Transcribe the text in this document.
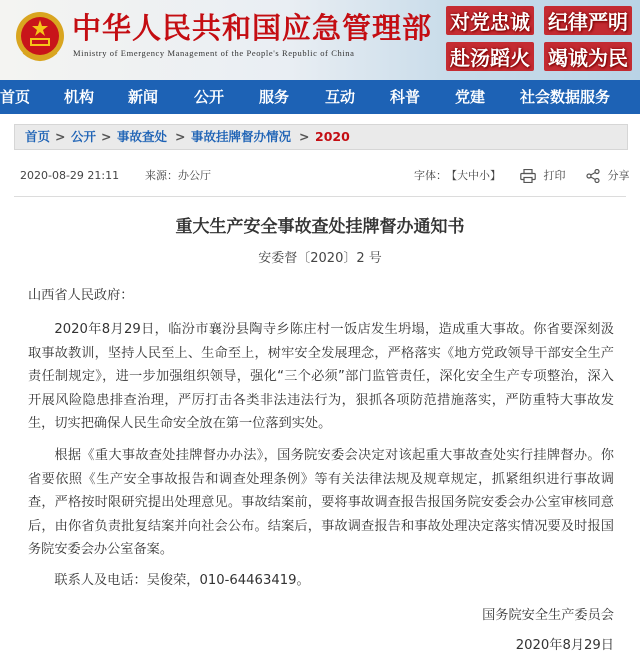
中华人民共和国应急管理部
Ministry of Emergency Management of the People's Republic of China
对党忠诚 纪律严明
赴汤蹈火 竭诚为民
首页 机构 新闻 公开 服务 互动 科普 党建 社会数据服务
首页 > 公开 > 事故查处 > 事故挂牌督办情况 > 2020
2020-08-29 21:11 来源：办公厅	字体： 【大中小】	打印	分享
重大生产安全事故查处挂牌督办通知书
安委督〔2020〕2 号
山西省人民政府：
2020年8月29日，临汾市襄汾县陶寺乡陈庄村一饭店发生坍塌，造成重大事故。你省要深刻汲取事故教训，坚持人民至上、生命至上，树牢安全发展理念，严格落实《地方党政领导干部安全生产责任制规定》，进一步加强组织领导，强化“三个必须”部门监管责任，深化安全生产专项整治，深入开展风险隐患排查治理，严厉打击各类非法违法行为，狠抓各项防范措施落实，严防重特大事故发生，切实把确保人民生命安全放在第一位落到实处。
根据《重大事故查处挂牌督办办法》，国务院安委会决定对该起重大事故查处实行挂牌督办。你省要依照《生产安全事故报告和调查处理条例》等有关法律法规及规章规定，抓紧组织进行事故调查，严格按时限研究提出处理意见。事故结案前，要将事故调查报告报国务院安委会办公室审核同意后，由你省负责批复结案并向社会公布。结案后，事故调查报告和事故处理决定落实情况要及时报国务院安委会办公室备案。
联系人及电话：吴俊荣，010-64463419。
国务院安全生产委员会
2020年8月29日
